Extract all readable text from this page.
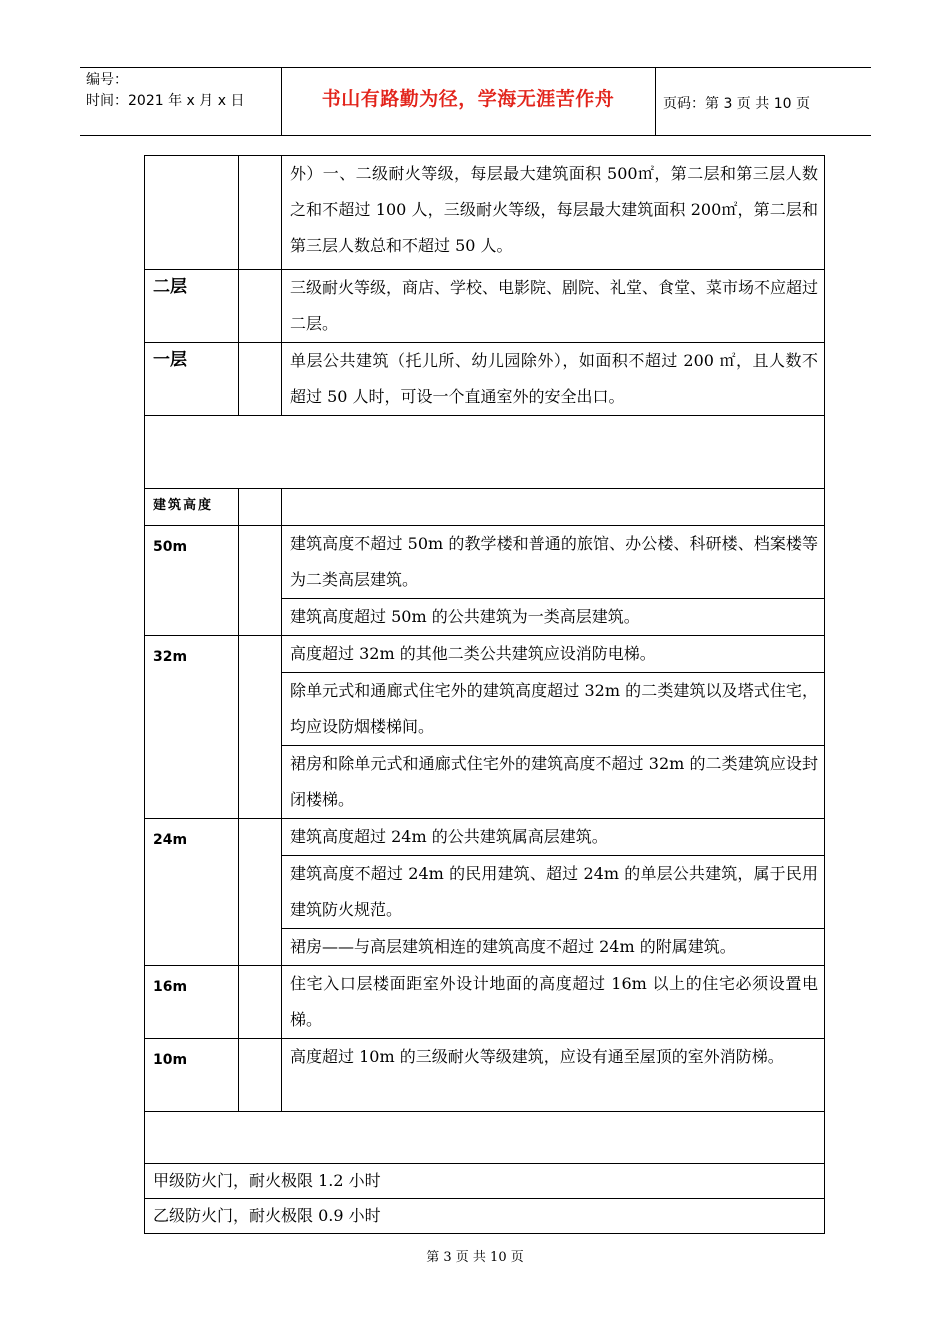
编号：
时间：2021 年 x 月 x 日	书山有路勤为径，学海无涯苦作舟	页码：第 3 页 共 10 页

		外）一、二级耐火等级，每层最大建筑面积 500㎡，第二层和第三层人数之和不超过 100 人，三级耐火等级，每层最大建筑面积 200㎡，第二层和第三层人数总和不超过 50 人。

二层		三级耐火等级，商店、学校、电影院、剧院、礼堂、食堂、菜市场不应超过二层。

一层		单层公共建筑（托儿所、幼儿园除外），如面积不超过 200 ㎡，且人数不超过 50 人时，可设一个直通室外的安全出口。

建筑高度		

50m		建筑高度不超过 50m 的教学楼和普通的旅馆、办公楼、科研楼、档案楼等为二类高层建筑。

		建筑高度超过 50m 的公共建筑为一类高层建筑。

32m		高度超过 32m 的其他二类公共建筑应设消防电梯。

		除单元式和通廊式住宅外的建筑高度超过 32m 的二类建筑以及塔式住宅，均应设防烟楼梯间。

		裙房和除单元式和通廊式住宅外的建筑高度不超过 32m 的二类建筑应设封闭楼梯。

24m		建筑高度超过 24m 的公共建筑属高层建筑。

		建筑高度不超过 24m 的民用建筑、超过 24m 的单层公共建筑，属于民用建筑防火规范。

		裙房——与高层建筑相连的建筑高度不超过 24m 的附属建筑。

16m		住宅入口层楼面距室外设计地面的高度超过 16m 以上的住宅必须设置电梯。

10m		高度超过 10m 的三级耐火等级建筑，应设有通至屋顶的室外消防梯。

甲级防火门，耐火极限 1.2 小时		

乙级防火门，耐火极限 0.9 小时		
第 3 页 共 10 页
